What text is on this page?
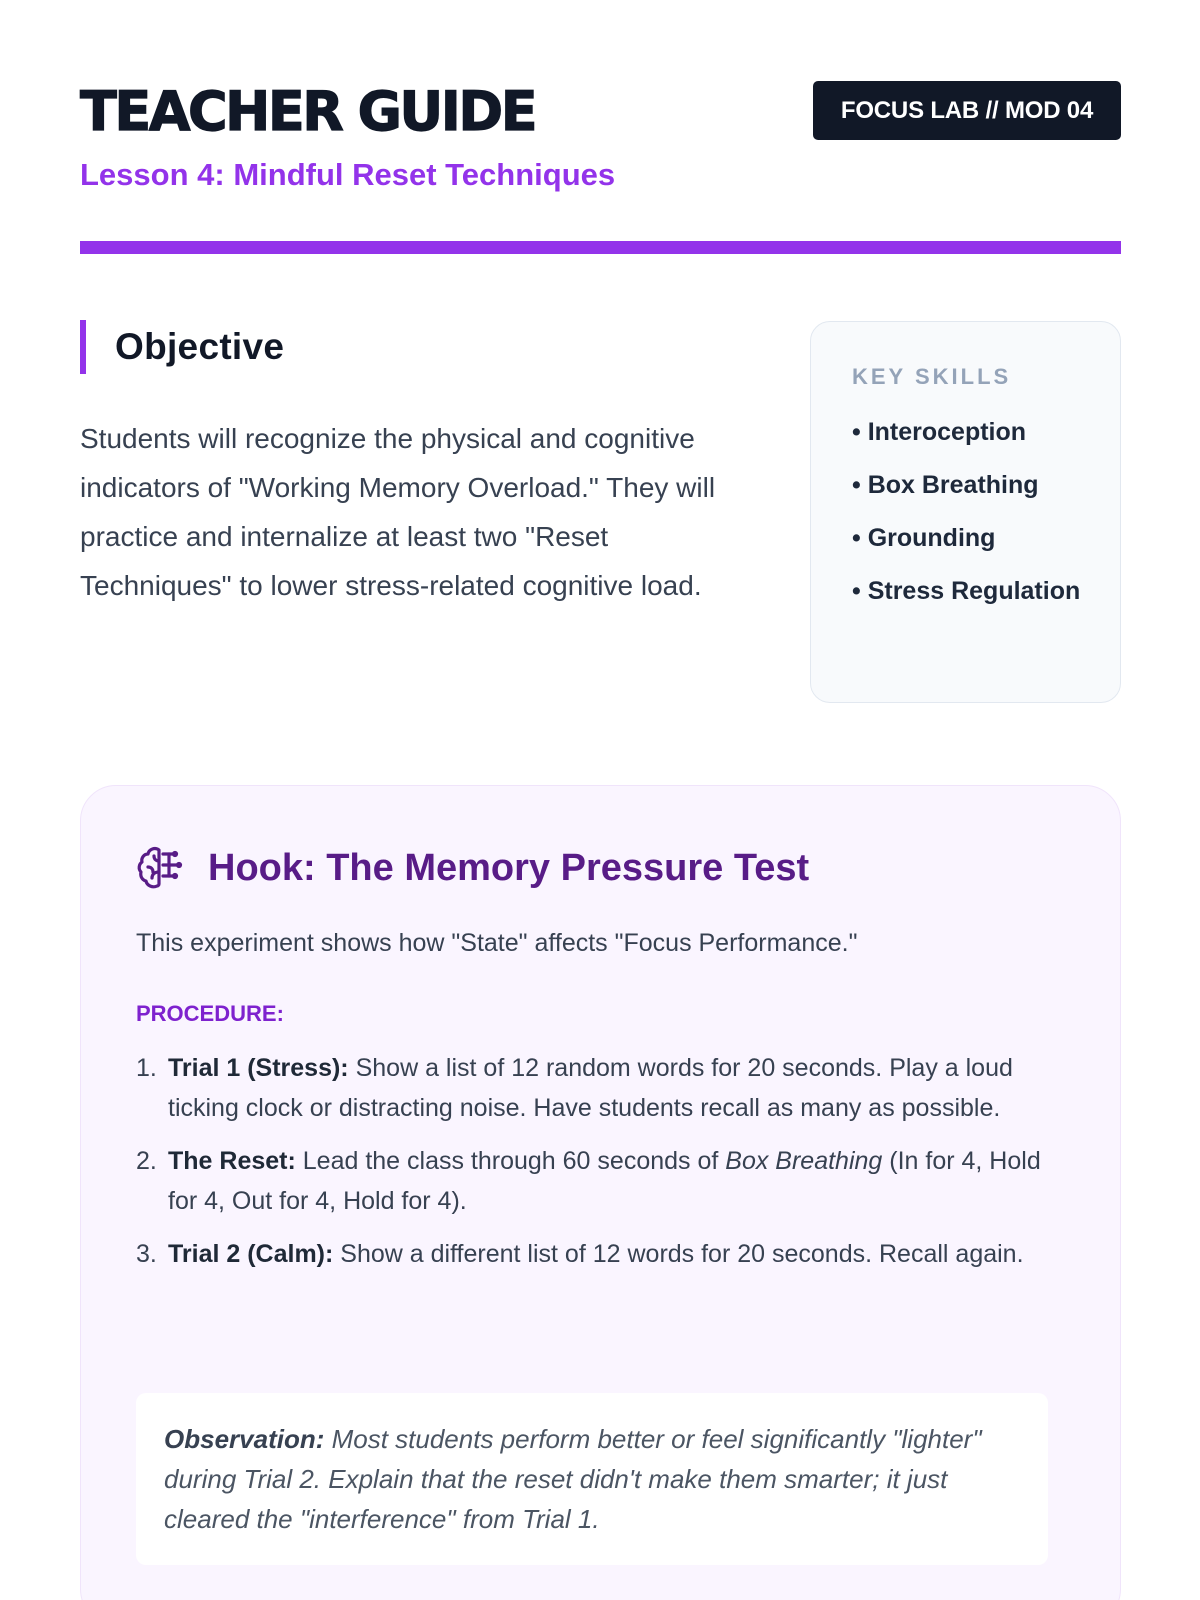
TEACHER GUIDE
Lesson 4: Mindful Reset Techniques
FOCUS LAB // MOD 04
Objective

Students will recognize the physical and cognitive indicators of "Working Memory Overload." They will practice and internalize at least two "Reset Techniques" to lower stress-related cognitive load.

KEY SKILLS
• Interoception
• Box Breathing
• Grounding
• Stress Regulation
Hook: The Memory Pressure Test

This experiment shows how "State" affects "Focus Performance."

PROCEDURE:
1. Trial 1 (Stress): Show a list of 12 random words for 20 seconds. Play a loud ticking clock or distracting noise. Have students recall as many as possible.
2. The Reset: Lead the class through 60 seconds of Box Breathing (In for 4, Hold for 4, Out for 4, Hold for 4).
3. Trial 2 (Calm): Show a different list of 12 words for 20 seconds. Recall again.
Observation: Most students perform better or feel significantly "lighter" during Trial 2. Explain that the reset didn't make them smarter; it just cleared the "interference" from Trial 1.
